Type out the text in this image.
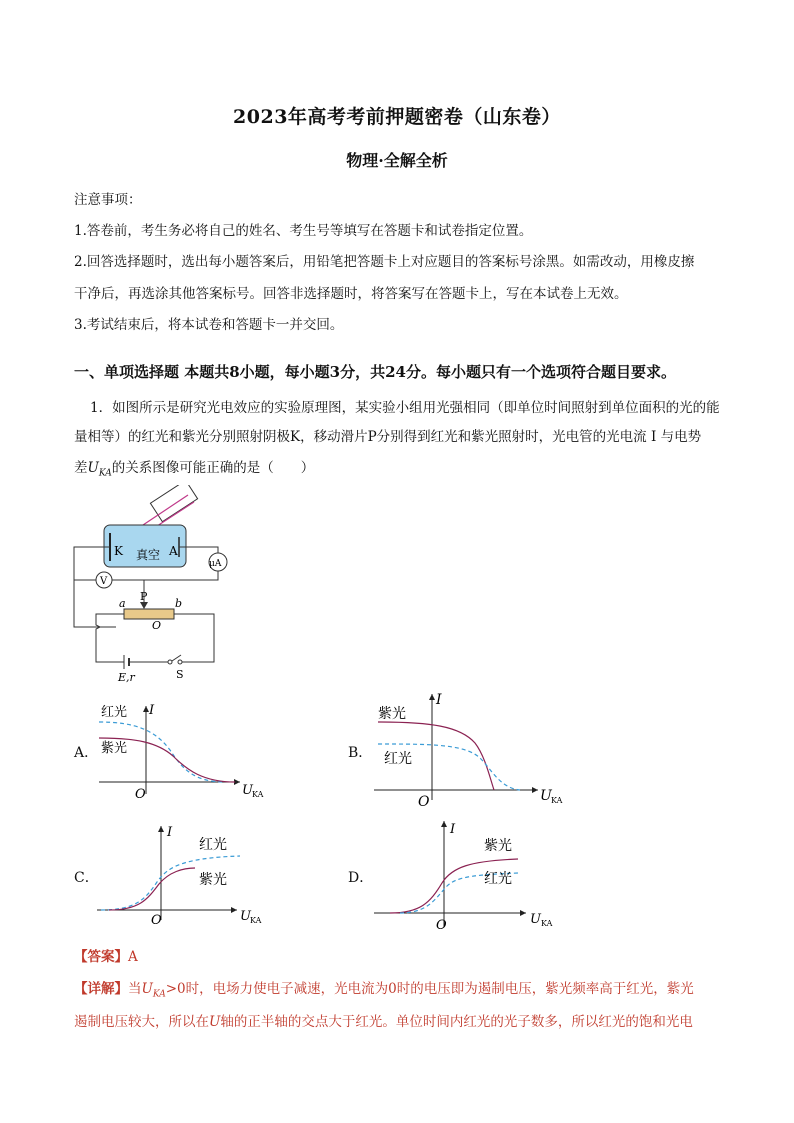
2023年高考考前押题密卷（山东卷）
物理·全解全析
注意事项：
1.答卷前，考生务必将自己的姓名、考生号等填写在答题卡和试卷指定位置。
2.回答选择题时，选出每小题答案后，用铅笔把答题卡上对应题目的答案标号涂黑。如需改动，用橡皮擦
干净后，再选涂其他答案标号。回答非选择题时，将答案写在答题卡上，写在本试卷上无效。
3.考试结束后，将本试卷和答题卡一并交回。
一、单项选择题 本题共8小题，每小题3分，共24分。每小题只有一个选项符合题目要求。
1．如图所示是研究光电效应的实验原理图，某实验小组用光强相同（即单位时间照射到单位面积的光的能
量相等）的红光和紫光分别照射阴极K，移动滑片P分别得到红光和紫光照射时，光电管的光电流 I 与电势
差$U_{KA}$的关系图像可能正确的是（　　）
K	A
真空
μA
V
P
a	b
O
E,r	S
A．
红光
紫光
I
O	U KA
B．
紫光
红光
I
O	U KA
C．
红光
紫光
I
O	U KA
D．
紫光
红光
I
O	U KA
【答案】A
【详解】当$U_{KA}>0$时，电场力使电子减速，光电流为0时的电压即为遏制电压，紫光频率高于红光，紫光
遏制电压较大，所以在U轴的正半轴的交点大于红光。单位时间内红光的光子数多，所以红光的饱和光电
